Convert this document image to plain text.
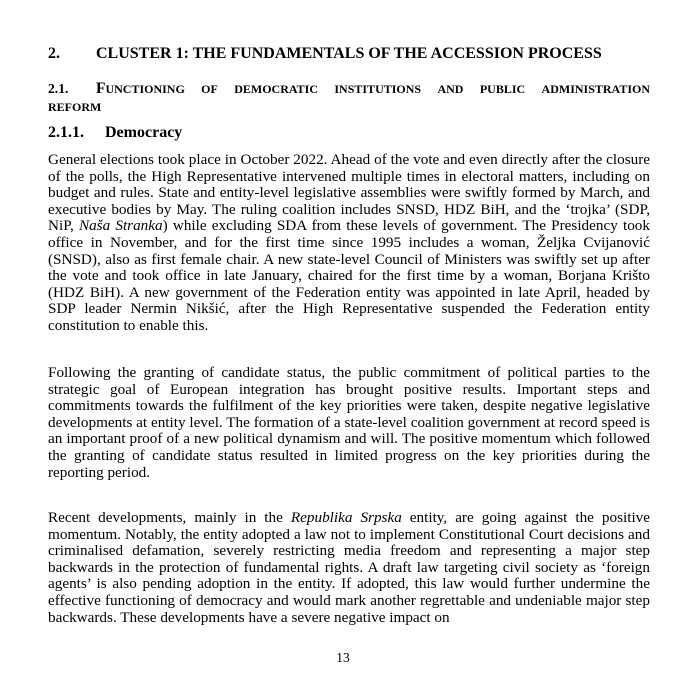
2. CLUSTER 1: THE FUNDAMENTALS OF THE ACCESSION PROCESS
2.1. FUNCTIONING OF DEMOCRATIC INSTITUTIONS AND PUBLIC ADMINISTRATION
REFORM
2.1.1. Democracy

General elections took place in October 2022. Ahead of the vote and even directly after the closure of the polls, the High Representative intervened multiple times in electoral matters, including on budget and rules. State and entity-level legislative assemblies were swiftly formed by March, and executive bodies by May. The ruling coalition includes SNSD, HDZ BiH, and the ‘trojka’ (SDP, NiP, Naša Stranka) while excluding SDA from these levels of government. The Presidency took office in November, and for the first time since 1995 includes a woman, Željka Cvijanović (SNSD), also as first female chair. A new state-level Council of Ministers was swiftly set up after the vote and took office in late January, chaired for the first time by a woman, Borjana Krišto (HDZ BiH). A new government of the Federation entity was appointed in late April, headed by SDP leader Nermin Nikšić, after the High Representative suspended the Federation entity constitution to enable this.

Following the granting of candidate status, the public commitment of political parties to the strategic goal of European integration has brought positive results. Important steps and commitments towards the fulfilment of the key priorities were taken, despite negative legislative developments at entity level. The formation of a state-level coalition government at record speed is an important proof of a new political dynamism and will. The positive momentum which followed the granting of candidate status resulted in limited progress on the key priorities during the reporting period.

Recent developments, mainly in the Republika Srpska entity, are going against the positive momentum. Notably, the entity adopted a law not to implement Constitutional Court decisions and criminalised defamation, severely restricting media freedom and representing a major step backwards in the protection of fundamental rights. A draft law targeting civil society as ‘foreign agents’ is also pending adoption in the entity. If adopted, this law would further undermine the effective functioning of democracy and would mark another regrettable and undeniable major step backwards. These developments have a severe negative impact on

13
